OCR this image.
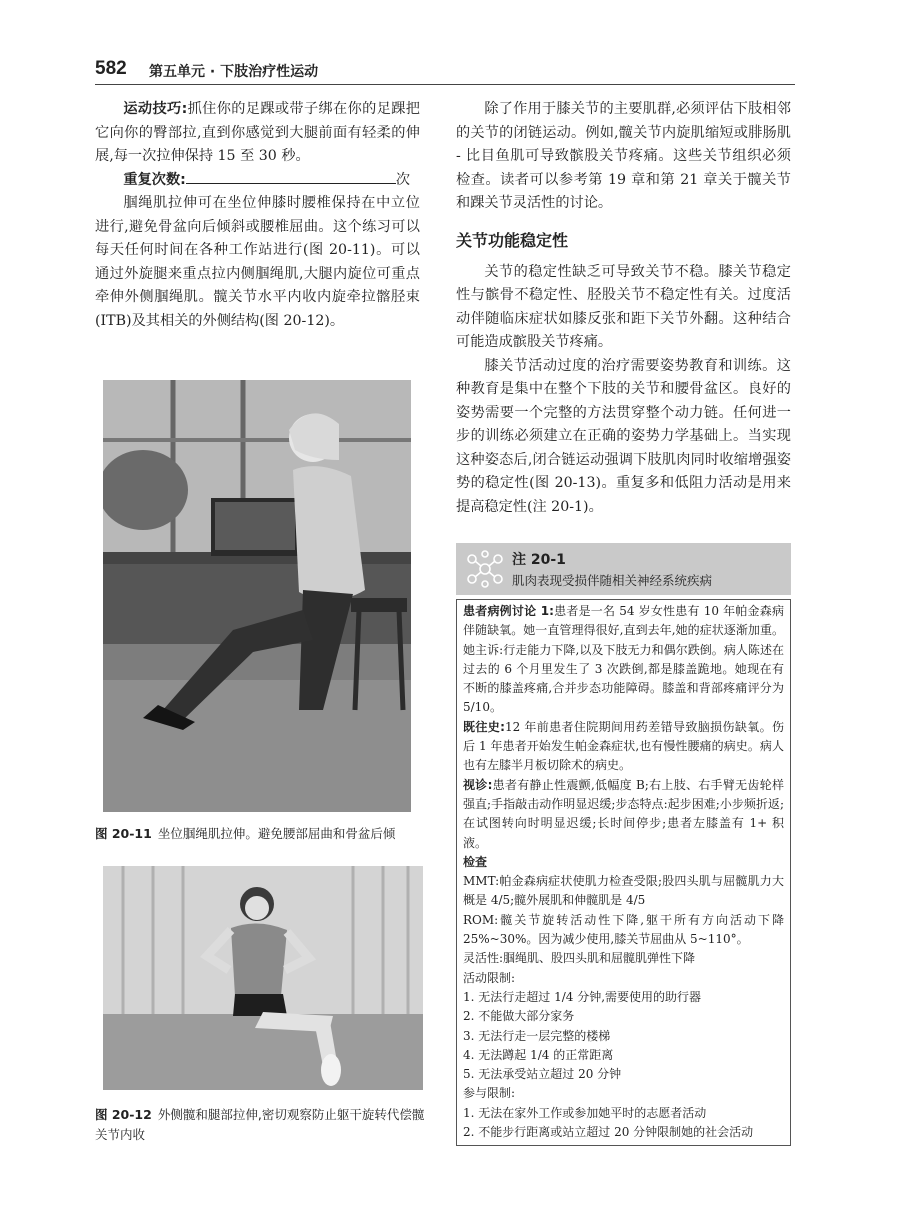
582 第五单元 · 下肢治疗性运动

运动技巧:抓住你的足踝或带子绑在你的足踝把它向你的臀部拉,直到你感觉到大腿前面有轻柔的伸展,每一次拉伸保持 15 至 30 秒。

重复次数:	次

腘绳肌拉伸可在坐位伸膝时腰椎保持在中立位进行,避免骨盆向后倾斜或腰椎屈曲。这个练习可以每天任何时间在各种工作站进行(图 20-11)。可以通过外旋腿来重点拉内侧腘绳肌,大腿内旋位可重点牵伸外侧腘绳肌。髋关节水平内收内旋牵拉髂胫束(ITB)及其相关的外侧结构(图 20-12)。

图 20-11 坐位腘绳肌拉伸。避免腰部屈曲和骨盆后倾
图 20-12 外侧髋和腿部拉伸,密切观察防止躯干旋转代偿髋关节内收

除了作用于膝关节的主要肌群,必须评估下肢相邻的关节的闭链运动。例如,髋关节内旋肌缩短或腓肠肌 - 比目鱼肌可导致髌股关节疼痛。这些关节组织必须检查。读者可以参考第 19 章和第 21 章关于髋关节和踝关节灵活性的讨论。

关节功能稳定性

关节的稳定性缺乏可导致关节不稳。膝关节稳定性与髌骨不稳定性、胫股关节不稳定性有关。过度活动伴随临床症状如膝反张和距下关节外翻。这种结合可能造成髌股关节疼痛。

膝关节活动过度的治疗需要姿势教育和训练。这种教育是集中在整个下肢的关节和腰骨盆区。良好的姿势需要一个完整的方法贯穿整个动力链。任何进一步的训练必须建立在正确的姿势力学基础上。当实现这种姿态后,闭合链运动强调下肢肌肉同时收缩增强姿势的稳定性(图 20-13)。重复多和低阻力活动是用来提高稳定性(注 20-1)。

注 20-1
肌肉表现受损伴随相关神经系统疾病

患者病例讨论 1:患者是一名 54 岁女性患有 10 年帕金森病伴随缺氧。她一直管理得很好,直到去年,她的症状逐渐加重。她主诉:行走能力下降,以及下肢无力和偶尔跌倒。病人陈述在过去的 6 个月里发生了 3 次跌倒,都是膝盖跪地。她现在有不断的膝盖疼痛,合并步态功能障碍。膝盖和背部疼痛评分为 5/10。

既往史:12 年前患者住院期间用药差错导致脑损伤缺氧。伤后 1 年患者开始发生帕金森症状,也有慢性腰痛的病史。病人也有左膝半月板切除术的病史。

视诊:患者有静止性震颤,低幅度 B;右上肢、右手臂无齿轮样强直;手指敲击动作明显迟缓;步态特点:起步困难;小步频折返;在试图转向时明显迟缓;长时间停步;患者左膝盖有 1+ 积液。

检查

MMT:帕金森病症状使肌力检查受限;股四头肌与屈髋肌力大概是 4/5;髋外展肌和伸髋肌是 4/5

ROM:髋关节旋转活动性下降,躯干所有方向活动下降 25%~30%。因为减少使用,膝关节屈曲从 5~110°。

灵活性:腘绳肌、股四头肌和屈髋肌弹性下降

活动限制:

1. 无法行走超过 1/4 分钟,需要使用的助行器
2. 不能做大部分家务
3. 无法行走一层完整的楼梯
4. 无法蹲起 1/4 的正常距离
5. 无法承受站立超过 20 分钟

参与限制:

1. 无法在家外工作或参加她平时的志愿者活动
2. 不能步行距离或站立超过 20 分钟限制她的社会活动
